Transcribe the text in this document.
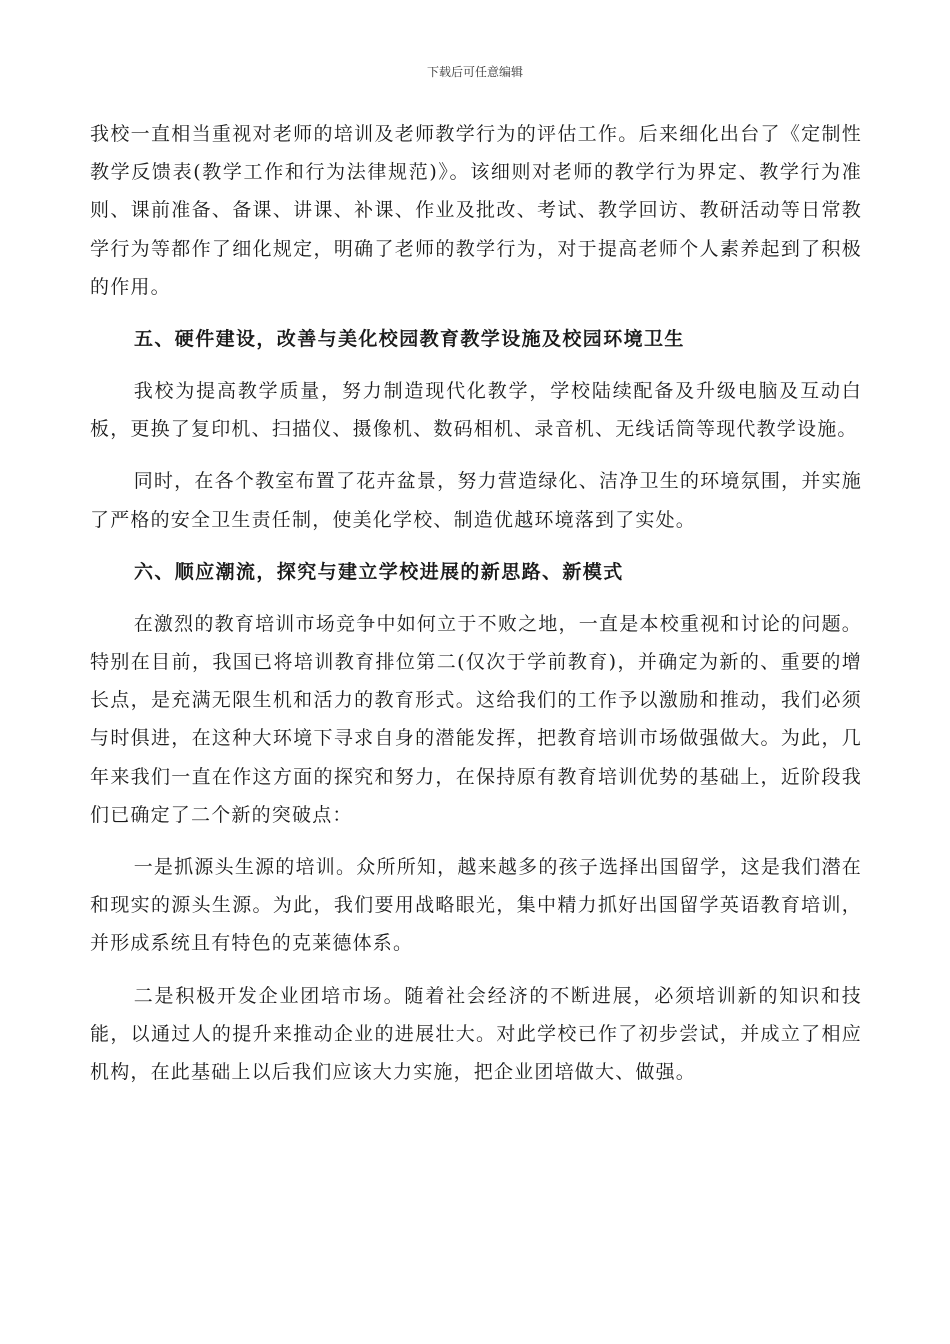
下载后可任意编辑

我校一直相当重视对老师的培训及老师教学行为的评估工作。后来细化出台了《定制性教学反馈表(教学工作和行为法律规范)》。该细则对老师的教学行为界定、教学行为准则、课前准备、备课、讲课、补课、作业及批改、考试、教学回访、教研活动等日常教学行为等都作了细化规定，明确了老师的教学行为，对于提高老师个人素养起到了积极的作用。

五、硬件建设，改善与美化校园教育教学设施及校园环境卫生

我校为提高教学质量，努力制造现代化教学，学校陆续配备及升级电脑及互动白板，更换了复印机、扫描仪、摄像机、数码相机、录音机、无线话筒等现代教学设施。

同时，在各个教室布置了花卉盆景，努力营造绿化、洁净卫生的环境氛围，并实施了严格的安全卫生责任制，使美化学校、制造优越环境落到了实处。

六、顺应潮流，探究与建立学校进展的新思路、新模式

在激烈的教育培训市场竞争中如何立于不败之地，一直是本校重视和讨论的问题。特别在目前，我国已将培训教育排位第二(仅次于学前教育)，并确定为新的、重要的增长点，是充满无限生机和活力的教育形式。这给我们的工作予以激励和推动，我们必须与时俱进，在这种大环境下寻求自身的潜能发挥，把教育培训市场做强做大。为此，几年来我们一直在作这方面的探究和努力，在保持原有教育培训优势的基础上，近阶段我们已确定了二个新的突破点：

一是抓源头生源的培训。众所所知，越来越多的孩子选择出国留学，这是我们潜在和现实的源头生源。为此，我们要用战略眼光，集中精力抓好出国留学英语教育培训，并形成系统且有特色的克莱德体系。

二是积极开发企业团培市场。随着社会经济的不断进展，必须培训新的知识和技能，以通过人的提升来推动企业的进展壮大。对此学校已作了初步尝试，并成立了相应机构，在此基础上以后我们应该大力实施，把企业团培做大、做强。
